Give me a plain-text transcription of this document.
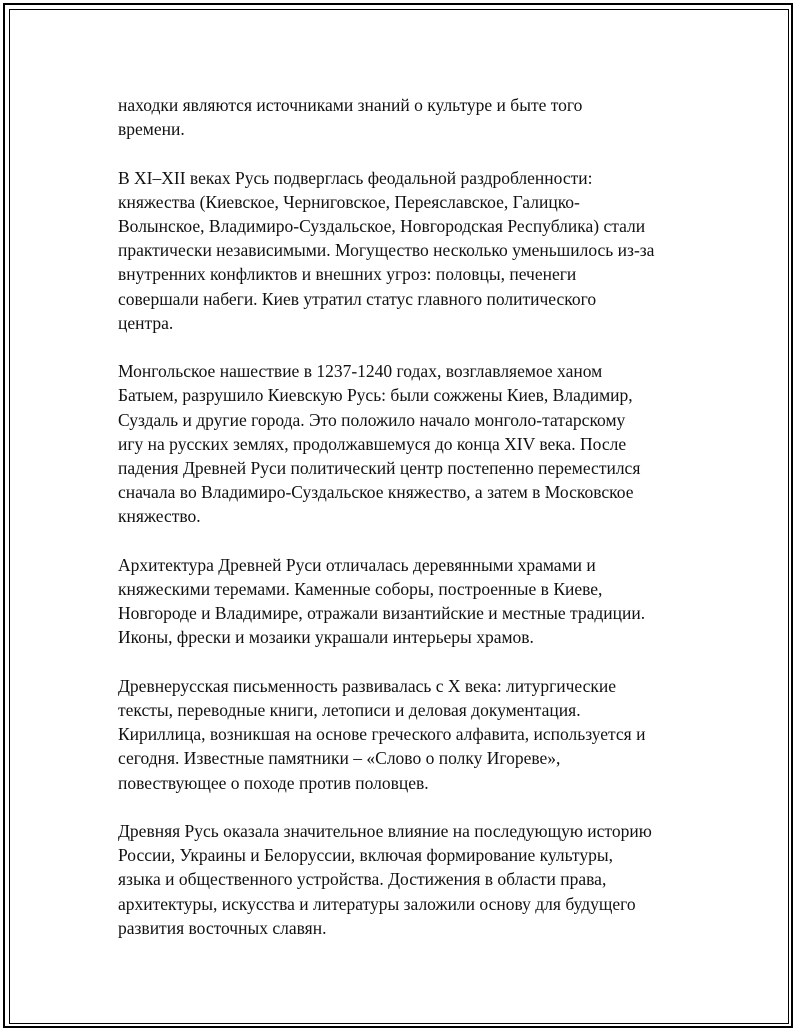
находки являются источниками знаний о культуре и быте того
времени.

В XI–XII веках Русь подверглась феодальной раздробленности:
княжества (Киевское, Черниговское, Переяславское, Галицко-
Волынское, Владимиро-Суздальское, Новгородская Республика) стали
практически независимыми. Могущество несколько уменьшилось из-за
внутренних конфликтов и внешних угроз: половцы, печенеги
совершали набеги. Киев утратил статус главного политического
центра.

Монгольское нашествие в 1237-1240 годах, возглавляемое ханом
Батыем, разрушило Киевскую Русь: были сожжены Киев, Владимир,
Суздаль и другие города. Это положило начало монголо-татарскому
игу на русских землях, продолжавшемуся до конца XIV века. После
падения Древней Руси политический центр постепенно переместился
сначала во Владимиро-Суздальское княжество, а затем в Московское
княжество.

Архитектура Древней Руси отличалась деревянными храмами и
княжескими теремами. Каменные соборы, построенные в Киеве,
Новгороде и Владимире, отражали византийские и местные традиции.
Иконы, фрески и мозаики украшали интерьеры храмов.

Древнерусская письменность развивалась с X века: литургические
тексты, переводные книги, летописи и деловая документация.
Кириллица, возникшая на основе греческого алфавита, используется и
сегодня. Известные памятники – «Слово о полку Игореве»,
повествующее о походе против половцев.

Древняя Русь оказала значительное влияние на последующую историю
России, Украины и Белоруссии, включая формирование культуры,
языка и общественного устройства. Достижения в области права,
архитектуры, искусства и литературы заложили основу для будущего
развития восточных славян.
